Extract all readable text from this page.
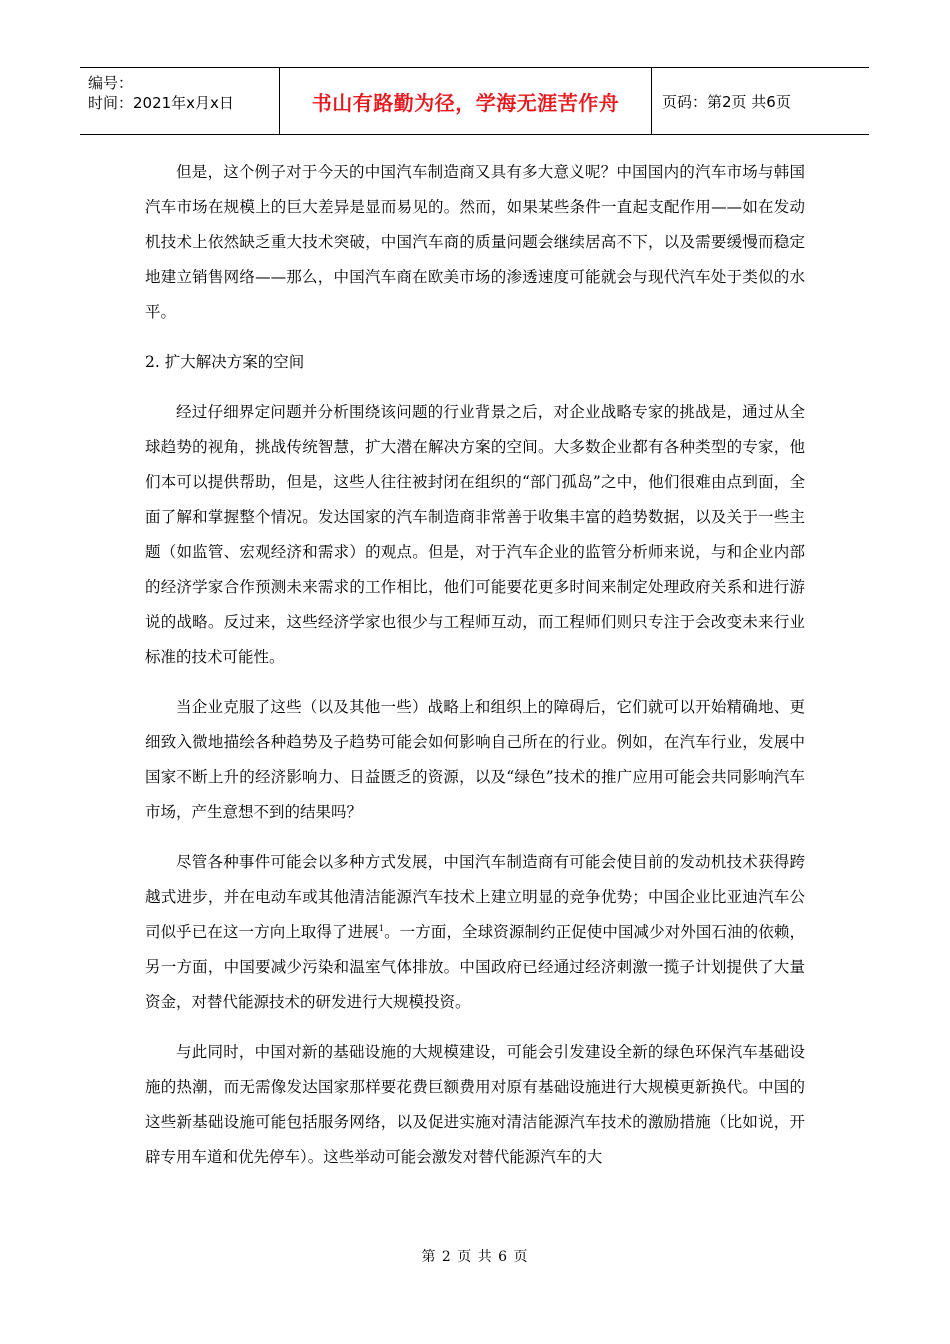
编号：
时间：2021年x月x日	书山有路勤为径，学海无涯苦作舟	页码：第2页 共6页

但是，这个例子对于今天的中国汽车制造商又具有多大意义呢？中国国内的汽车市场与韩国汽车市场在规模上的巨大差异是显而易见的。然而，如果某些条件一直起支配作用——如在发动机技术上依然缺乏重大技术突破，中国汽车商的质量问题会继续居高不下，以及需要缓慢而稳定地建立销售网络——那么，中国汽车商在欧美市场的渗透速度可能就会与现代汽车处于类似的水平。

2. 扩大解决方案的空间

经过仔细界定问题并分析围绕该问题的行业背景之后，对企业战略专家的挑战是，通过从全球趋势的视角，挑战传统智慧，扩大潜在解决方案的空间。大多数企业都有各种类型的专家，他们本可以提供帮助，但是，这些人往往被封闭在组织的“部门孤岛”之中，他们很难由点到面，全面了解和掌握整个情况。发达国家的汽车制造商非常善于收集丰富的趋势数据，以及关于一些主题（如监管、宏观经济和需求）的观点。但是，对于汽车企业的监管分析师来说，与和企业内部的经济学家合作预测未来需求的工作相比，他们可能要花更多时间来制定处理政府关系和进行游说的战略。反过来，这些经济学家也很少与工程师互动，而工程师们则只专注于会改变未来行业标准的技术可能性。

当企业克服了这些（以及其他一些）战略上和组织上的障碍后，它们就可以开始精确地、更细致入微地描绘各种趋势及子趋势可能会如何影响自己所在的行业。例如，在汽车行业，发展中国家不断上升的经济影响力、日益匮乏的资源，以及“绿色”技术的推广应用可能会共同影响汽车市场，产生意想不到的结果吗？

尽管各种事件可能会以多种方式发展，中国汽车制造商有可能会使目前的发动机技术获得跨越式进步，并在电动车或其他清洁能源汽车技术上建立明显的竞争优势；中国企业比亚迪汽车公司似乎已在这一方向上取得了进展$^1$。一方面，全球资源制约正促使中国减少对外国石油的依赖，另一方面，中国要减少污染和温室气体排放。中国政府已经通过经济刺激一揽子计划提供了大量资金，对替代能源技术的研发进行大规模投资。

与此同时，中国对新的基础设施的大规模建设，可能会引发建设全新的绿色环保汽车基础设施的热潮，而无需像发达国家那样要花费巨额费用对原有基础设施进行大规模更新换代。中国的这些新基础设施可能包括服务网络，以及促进实施对清洁能源汽车技术的激励措施（比如说，开辟专用车道和优先停车）。这些举动可能会激发对替代能源汽车的大

第 2 页 共 6 页
